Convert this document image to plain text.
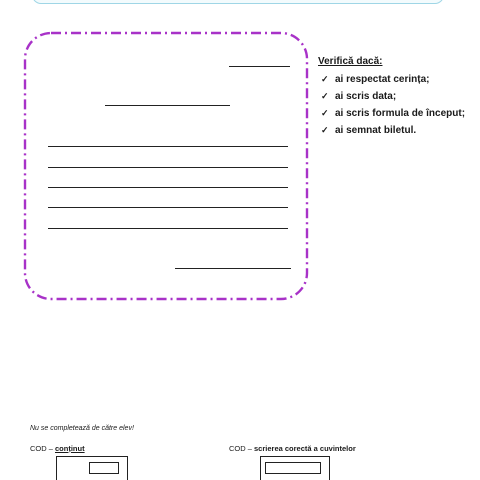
Verifică dacă:
✓ ai respectat cerința;
✓ ai scris data;
✓ ai scris formula de început;
✓ ai semnat biletul.
Nu se completează de către elev!
COD – conținut	COD – scrierea corectă a cuvintelor
